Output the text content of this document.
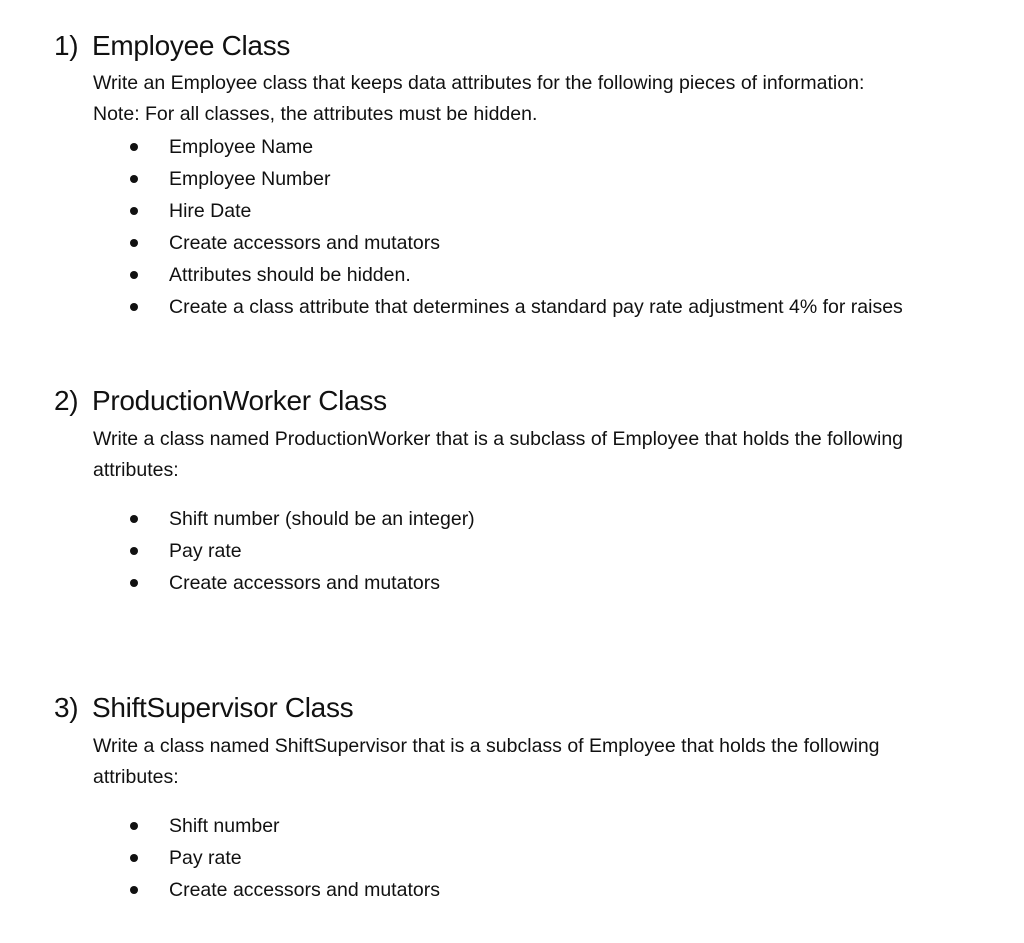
1) Employee Class
Write an Employee class that keeps data attributes for the following pieces of information:
Note: For all classes, the attributes must be hidden.
Employee Name
Employee Number
Hire Date
Create accessors and mutators
Attributes should be hidden.
Create a class attribute that determines a standard pay rate adjustment 4% for raises
2) ProductionWorker Class
Write a class named ProductionWorker that is a subclass of Employee that holds the following
attributes:
Shift number (should be an integer)
Pay rate
Create accessors and mutators
3) ShiftSupervisor Class
Write a class named ShiftSupervisor that is a subclass of Employee that holds the following
attributes:
Shift number
Pay rate
Create accessors and mutators
